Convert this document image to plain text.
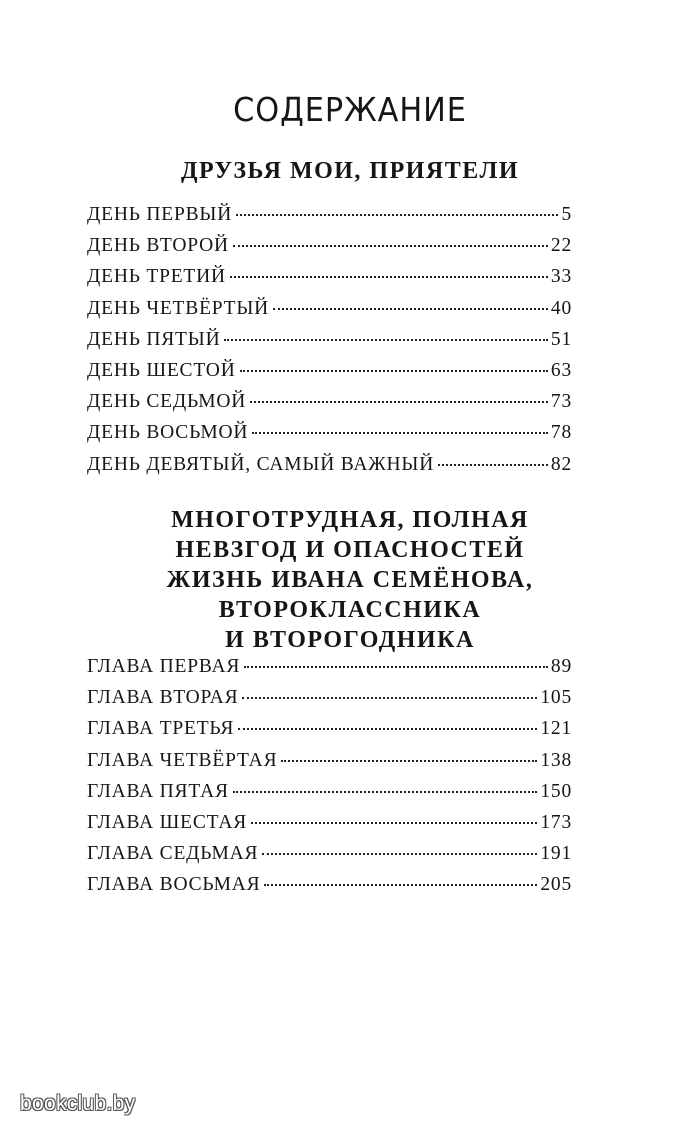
СОДЕРЖАНИЕ
ДРУЗЬЯ МОИ, ПРИЯТЕЛИ
ДЕНЬ ПЕРВЫЙ	5
ДЕНЬ ВТОРОЙ	22
ДЕНЬ ТРЕТИЙ	33
ДЕНЬ ЧЕТВЁРТЫЙ	40
ДЕНЬ ПЯТЫЙ	51
ДЕНЬ ШЕСТОЙ	63
ДЕНЬ СЕДЬМОЙ	73
ДЕНЬ ВОСЬМОЙ	78
ДЕНЬ ДЕВЯТЫЙ, САМЫЙ ВАЖНЫЙ	82
МНОГОТРУДНАЯ, ПОЛНАЯ
НЕВЗГОД И ОПАСНОСТЕЙ
ЖИЗНЬ ИВАНА СЕМЁНОВА,
ВТОРОКЛАССНИКА
И ВТОРОГОДНИКА
ГЛАВА ПЕРВАЯ	89
ГЛАВА ВТОРАЯ	105
ГЛАВА ТРЕТЬЯ	121
ГЛАВА ЧЕТВЁРТАЯ	138
ГЛАВА ПЯТАЯ	150
ГЛАВА ШЕСТАЯ	173
ГЛАВА СЕДЬМАЯ	191
ГЛАВА ВОСЬМАЯ	205
bookclub.by
